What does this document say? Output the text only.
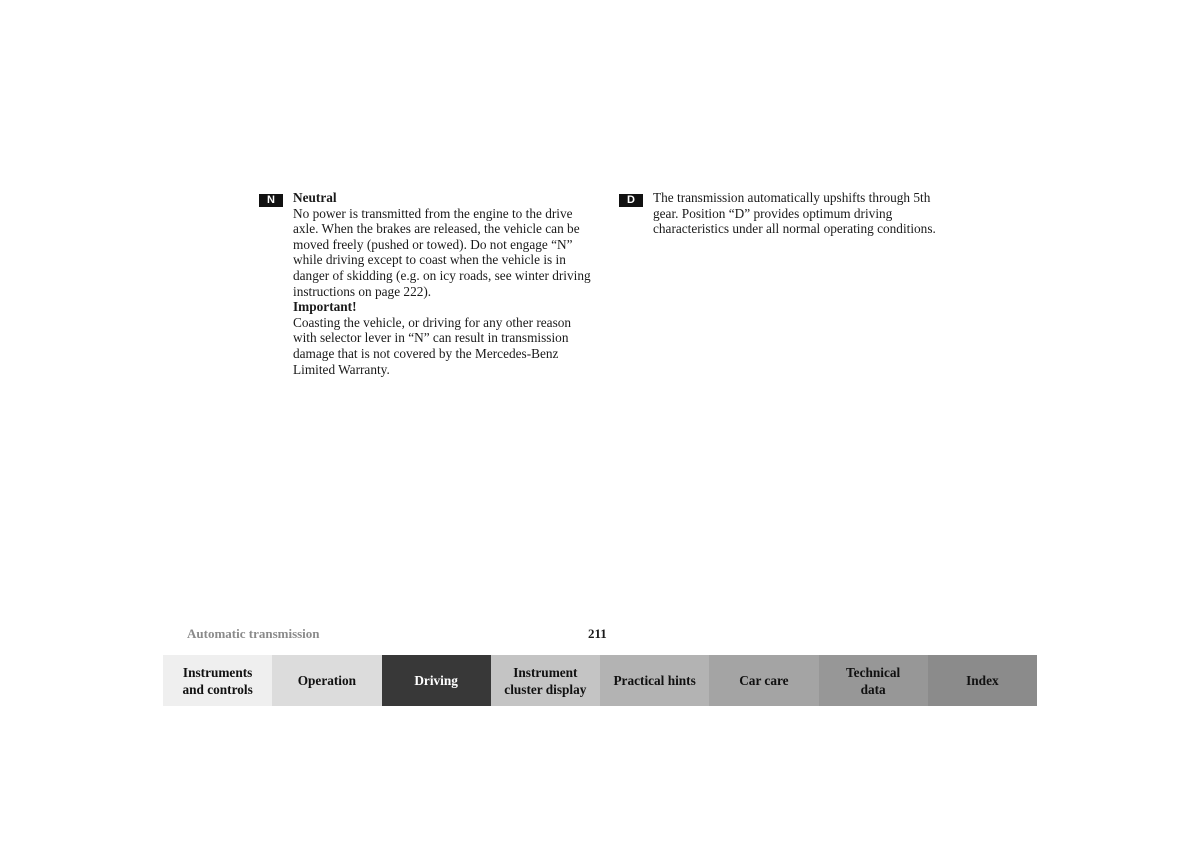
N	Neutral

No power is transmitted from the engine to the drive axle. When the brakes are released, the vehicle can be moved freely (pushed or towed). Do not engage “N” while driving except to coast when the vehicle is in danger of skidding (e.g. on icy roads, see winter driving instructions on page 222).

Important!

Coasting the vehicle, or driving for any other reason with selector lever in “N” can result in transmission damage that is not covered by the Mercedes-Benz Limited Warranty.

D	The transmission automatically upshifts through 5th gear. Position “D” provides optimum driving characteristics under all normal operating conditions.

Automatic transmission	211
Instruments
and controls
Operation	Driving
Instrument
cluster display
Practical hints	Car care
Technical
data
Index
